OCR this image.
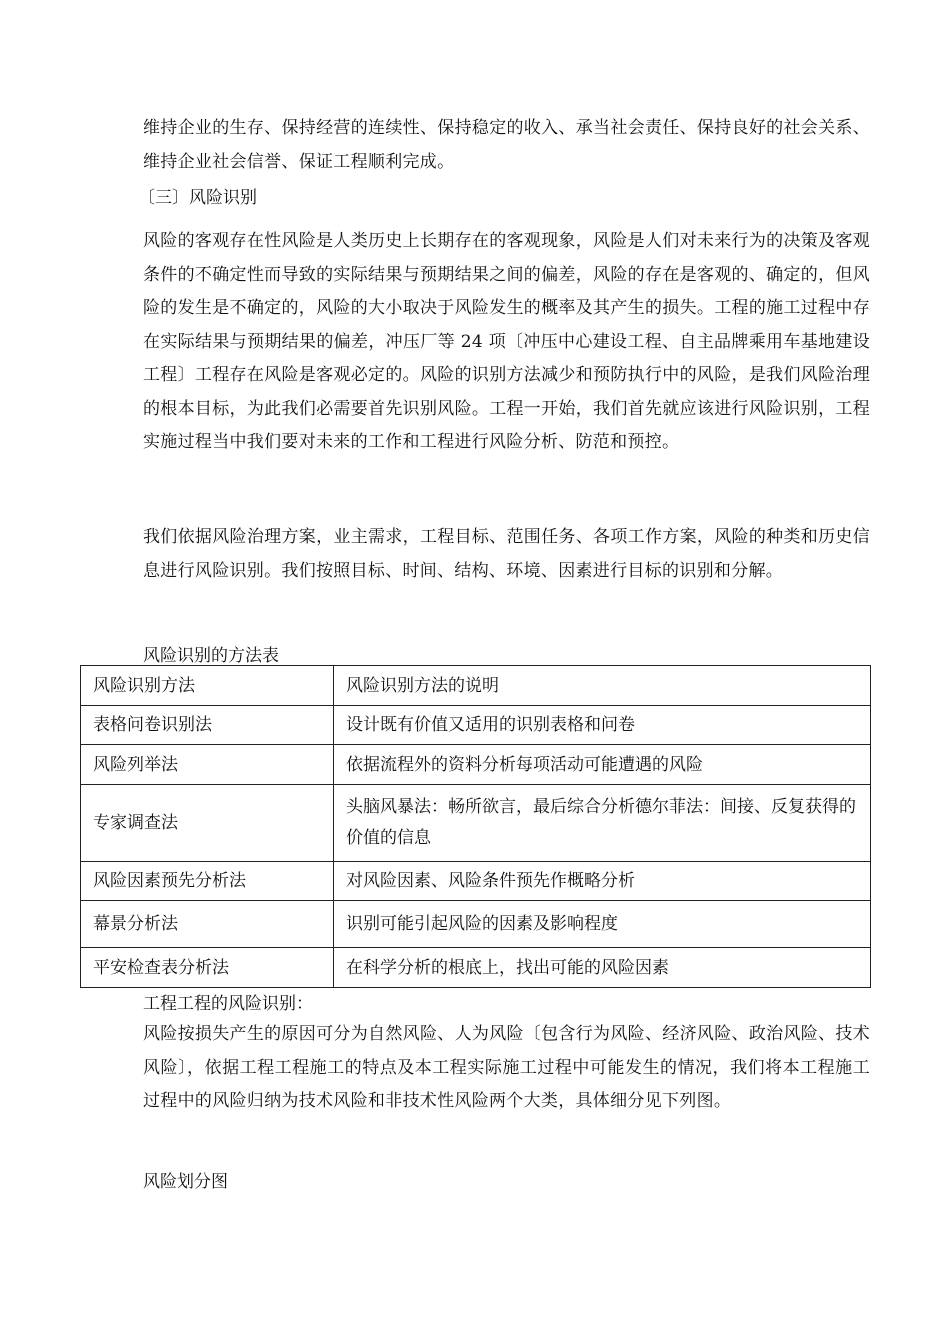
维持企业的生存、保持经营的连续性、保持稳定的收入、承当社会责任、保持良好的社会关系、维持企业社会信誉、保证工程顺利完成。

〔三〕风险识别

风险的客观存在性风险是人类历史上长期存在的客观现象，风险是人们对未来行为的决策及客观条件的不确定性而导致的实际结果与预期结果之间的偏差，风险的存在是客观的、确定的，但风险的发生是不确定的，风险的大小取决于风险发生的概率及其产生的损失。工程的施工过程中存在实际结果与预期结果的偏差，冲压厂等 24 项〔冲压中心建设工程、自主品牌乘用车基地建设工程〕工程存在风险是客观必定的。风险的识别方法减少和预防执行中的风险，是我们风险治理的根本目标，为此我们必需要首先识别风险。工程一开始，我们首先就应该进行风险识别，工程实施过程当中我们要对未来的工作和工程进行风险分析、防范和预控。

我们依据风险治理方案，业主需求，工程目标、范围任务、各项工作方案，风险的种类和历史信息进行风险识别。我们按照目标、时间、结构、环境、因素进行目标的识别和分解。

风险识别的方法表

风险识别方法	风险识别方法的说明
表格问卷识别法	设计既有价值又适用的识别表格和问卷
风险列举法	依据流程外的资料分析每项活动可能遭遇的风险
专家调查法	头脑风暴法：畅所欲言，最后综合分析德尔菲法：间接、反复获得的价值的信息
风险因素预先分析法	对风险因素、风险条件预先作概略分析
幕景分析法	识别可能引起风险的因素及影响程度
平安检查表分析法	在科学分析的根底上，找出可能的风险因素

工程工程的风险识别：

风险按损失产生的原因可分为自然风险、人为风险〔包含行为风险、经济风险、政治风险、技术风险〕，依据工程工程施工的特点及本工程实际施工过程中可能发生的情况，我们将本工程施工过程中的风险归纳为技术风险和非技术性风险两个大类，具体细分见下列图。

风险划分图
